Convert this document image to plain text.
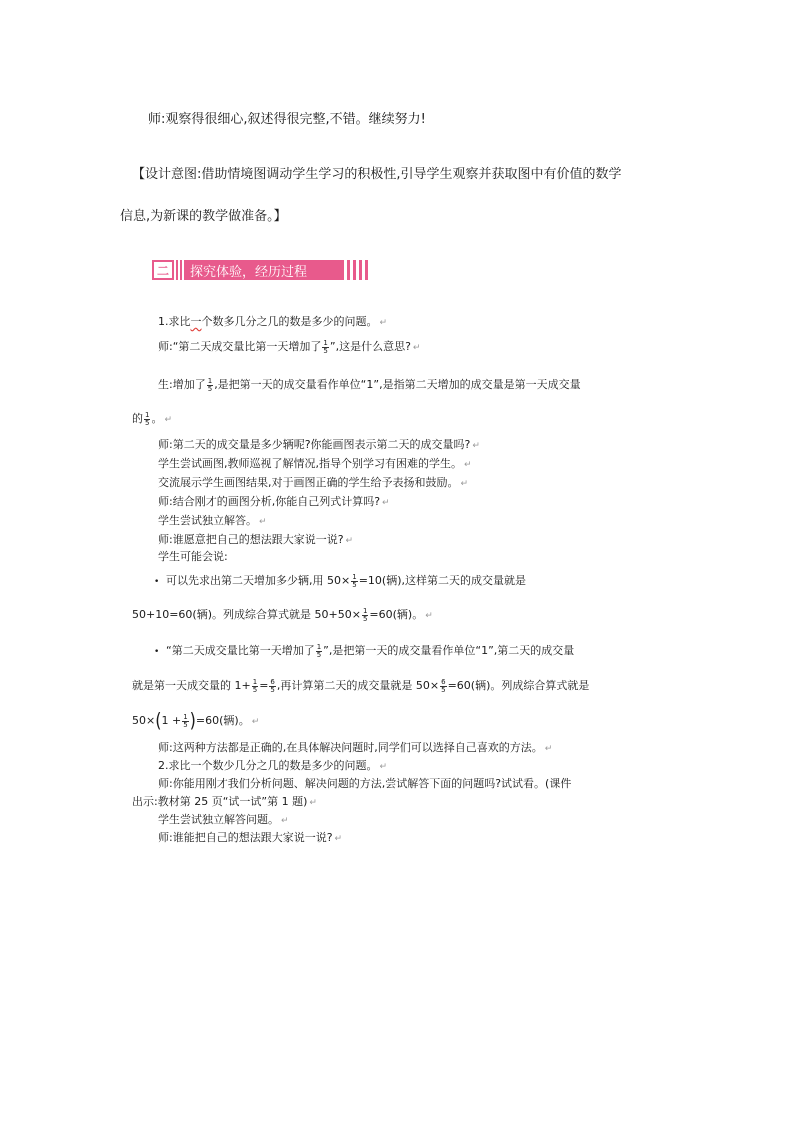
师:观察得很细心,叙述得很完整,不错。继续努力!
【设计意图:借助情境图调动学生学习的积极性,引导学生观察并获取图中有价值的数学
信息,为新课的教学做准备。】
二	探究体验，经历过程
1.求比一个数多几分之几的数是多少的问题。 ↵
师:“第二天成交量比第一天增加了 $\frac{1}{5}$ ”,这是什么意思? ↵
生:增加了 $\frac{1}{5}$ ,是把第一天的成交量看作单位“1”,是指第二天增加的成交量是第一天成交量
的 $\frac{1}{5}$ 。 ↵
师:第二天的成交量是多少辆呢?你能画图表示第二天的成交量吗? ↵
学生尝试画图,教师巡视了解情况,指导个别学习有困难的学生。 ↵
交流展示学生画图结果,对于画图正确的学生给予表扬和鼓励。 ↵
师:结合刚才的画图分析,你能自己列式计算吗? ↵
学生尝试独立解答。 ↵
师:谁愿意把自己的想法跟大家说一说? ↵
学生可能会说:
• 可以先求出第二天增加多少辆,用 $50\times \frac{1}{5} =10$(辆),这样第二天的成交量就是
50+10=60(辆)。列成综合算式就是 $50+50\times \frac{1}{5} =60$(辆)。 ↵
• “第二天成交量比第一天增加了 $\frac{1}{5}$ ”,是把第一天的成交量看作单位“1”,第二天的成交量
就是第一天成交量的 $1+ \frac{1}{5} = \frac{6}{5}$ ,再计算第二天的成交量就是 $50\times \frac{6}{5} =60$(辆)。列成综合算式就是
$50\times(1 + \frac{1}{5} )=60$(辆)。 ↵
师:这两种方法都是正确的,在具体解决问题时,同学们可以选择自己喜欢的方法。 ↵
2.求比一个数少几分之几的数是多少的问题。 ↵
师:你能用刚才我们分析问题、解决问题的方法,尝试解答下面的问题吗?试试看。(课件
出示:教材第 25 页“试一试”第 1 题) ↵
学生尝试独立解答问题。 ↵
师:谁能把自己的想法跟大家说一说? ↵
